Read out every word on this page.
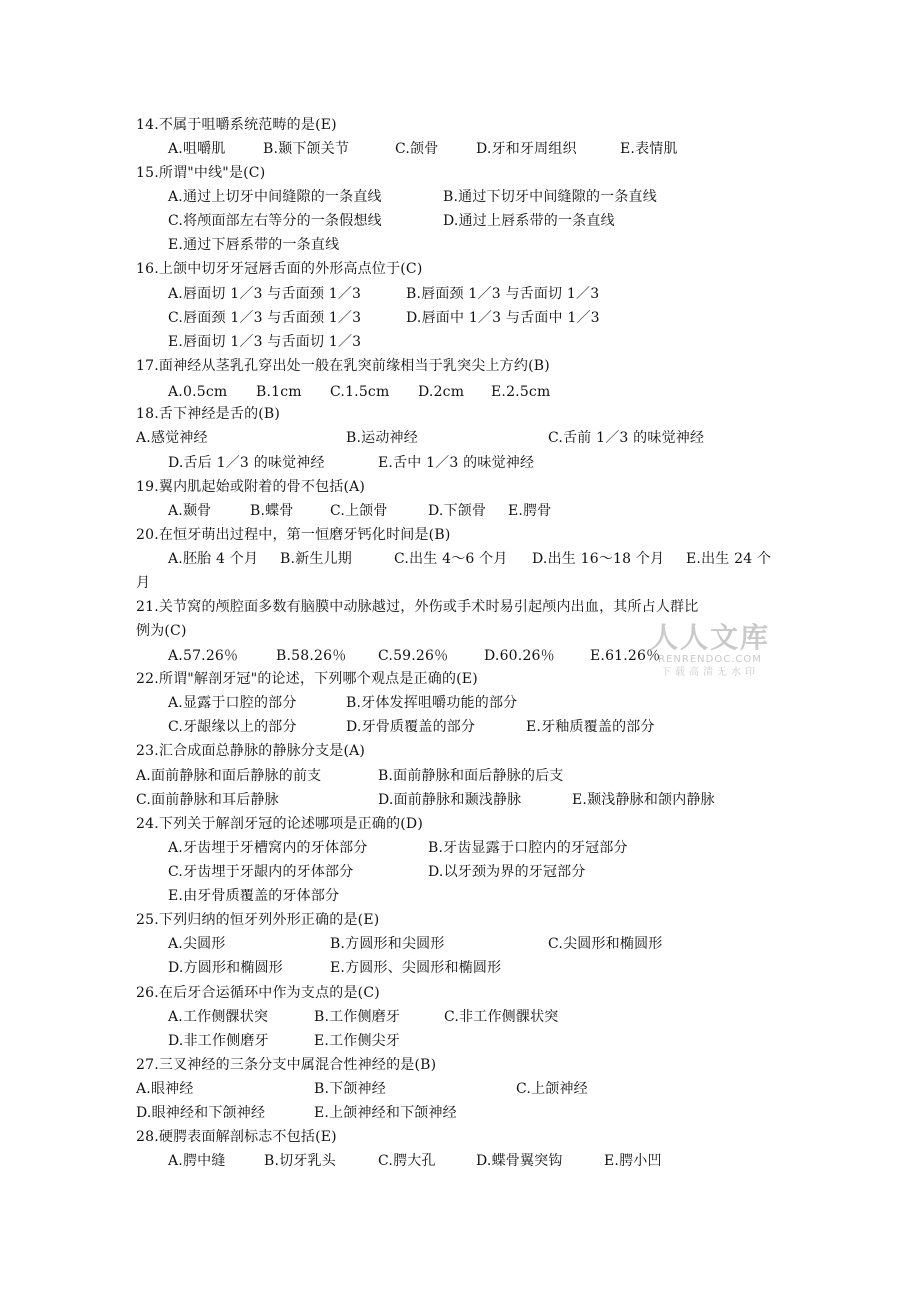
14.不属于咀嚼系统范畴的是(E)
A.咀嚼肌	B.颞下颌关节	C.颌骨	D.牙和牙周组织	E.表情肌
15.所谓"中线"是(C)
A.通过上切牙中间缝隙的一条直线	B.通过下切牙中间缝隙的一条直线
C.将颅面部左右等分的一条假想线	D.通过上唇系带的一条直线
E.通过下唇系带的一条直线
16.上颌中切牙牙冠唇舌面的外形高点位于(C)
A.唇面切 1／3 与舌面颈 1／3	B.唇面颈 1／3 与舌面切 1／3
C.唇面颈 1／3 与舌面颈 1／3	D.唇面中 1／3 与舌面中 1／3
E.唇面切 1／3 与舌面切 1／3
17.面神经从茎乳孔穿出处一般在乳突前缘相当于乳突尖上方约(B)
A.0.5cm B.1cm C.1.5cm D.2cm E.2.5cm
18.舌下神经是舌的(B)
A.感觉神经	B.运动神经	C.舌前 1／3 的味觉神经
D.舌后 1／3 的味觉神经	E.舌中 1／3 的味觉神经
19.翼内肌起始或附着的骨不包括(A)
A.颞骨	B.蝶骨	C.上颌骨	D.下颌骨 E.腭骨
20.在恒牙萌出过程中，第一恒磨牙钙化时间是(B)
A.胚胎 4 个月 B.新生儿期	C.出生 4～6 个月 D.出生 16～18 个月 E.出生 24 个
月
21.关节窝的颅腔面多数有脑膜中动脉越过，外伤或手术时易引起颅内出血，其所占人群比
例为(C)
A.57.26％	B.58.26％ C.59.26％	D.60.26％	E.61.26％
22.所谓"解剖牙冠"的论述，下列哪个观点是正确的(E)
A.显露于口腔的部分	B.牙体发挥咀嚼功能的部分
C.牙龈缘以上的部分	D.牙骨质覆盖的部分	E.牙釉质覆盖的部分
23.汇合成面总静脉的静脉分支是(A)
A.面前静脉和面后静脉的前支	B.面前静脉和面后静脉的后支
C.面前静脉和耳后静脉	D.面前静脉和颞浅静脉	E.颞浅静脉和颌内静脉
24.下列关于解剖牙冠的论述哪项是正确的(D)
A.牙齿埋于牙槽窝内的牙体部分	B.牙齿显露于口腔内的牙冠部分
C.牙齿埋于牙龈内的牙体部分	D.以牙颈为界的牙冠部分
E.由牙骨质覆盖的牙体部分
25.下列归纳的恒牙列外形正确的是(E)
A.尖圆形	B.方圆形和尖圆形	C.尖圆形和椭圆形
D.方圆形和椭圆形	E.方圆形、尖圆形和椭圆形
26.在后牙合运循环中作为支点的是(C)
A.工作侧髁状突	B.工作侧磨牙	C.非工作侧髁状突
D.非工作侧磨牙	E.工作侧尖牙
27.三叉神经的三条分支中属混合性神经的是(B)
A.眼神经	B.下颌神经	C.上颌神经
D.眼神经和下颌神经	E.上颌神经和下颌神经
28.硬腭表面解剖标志不包括(E)
A.腭中缝	B.切牙乳头	C.腭大孔	D.蝶骨翼突钩	E.腭小凹
人人文库
RENRENDOC.COM
下载高清无水印
